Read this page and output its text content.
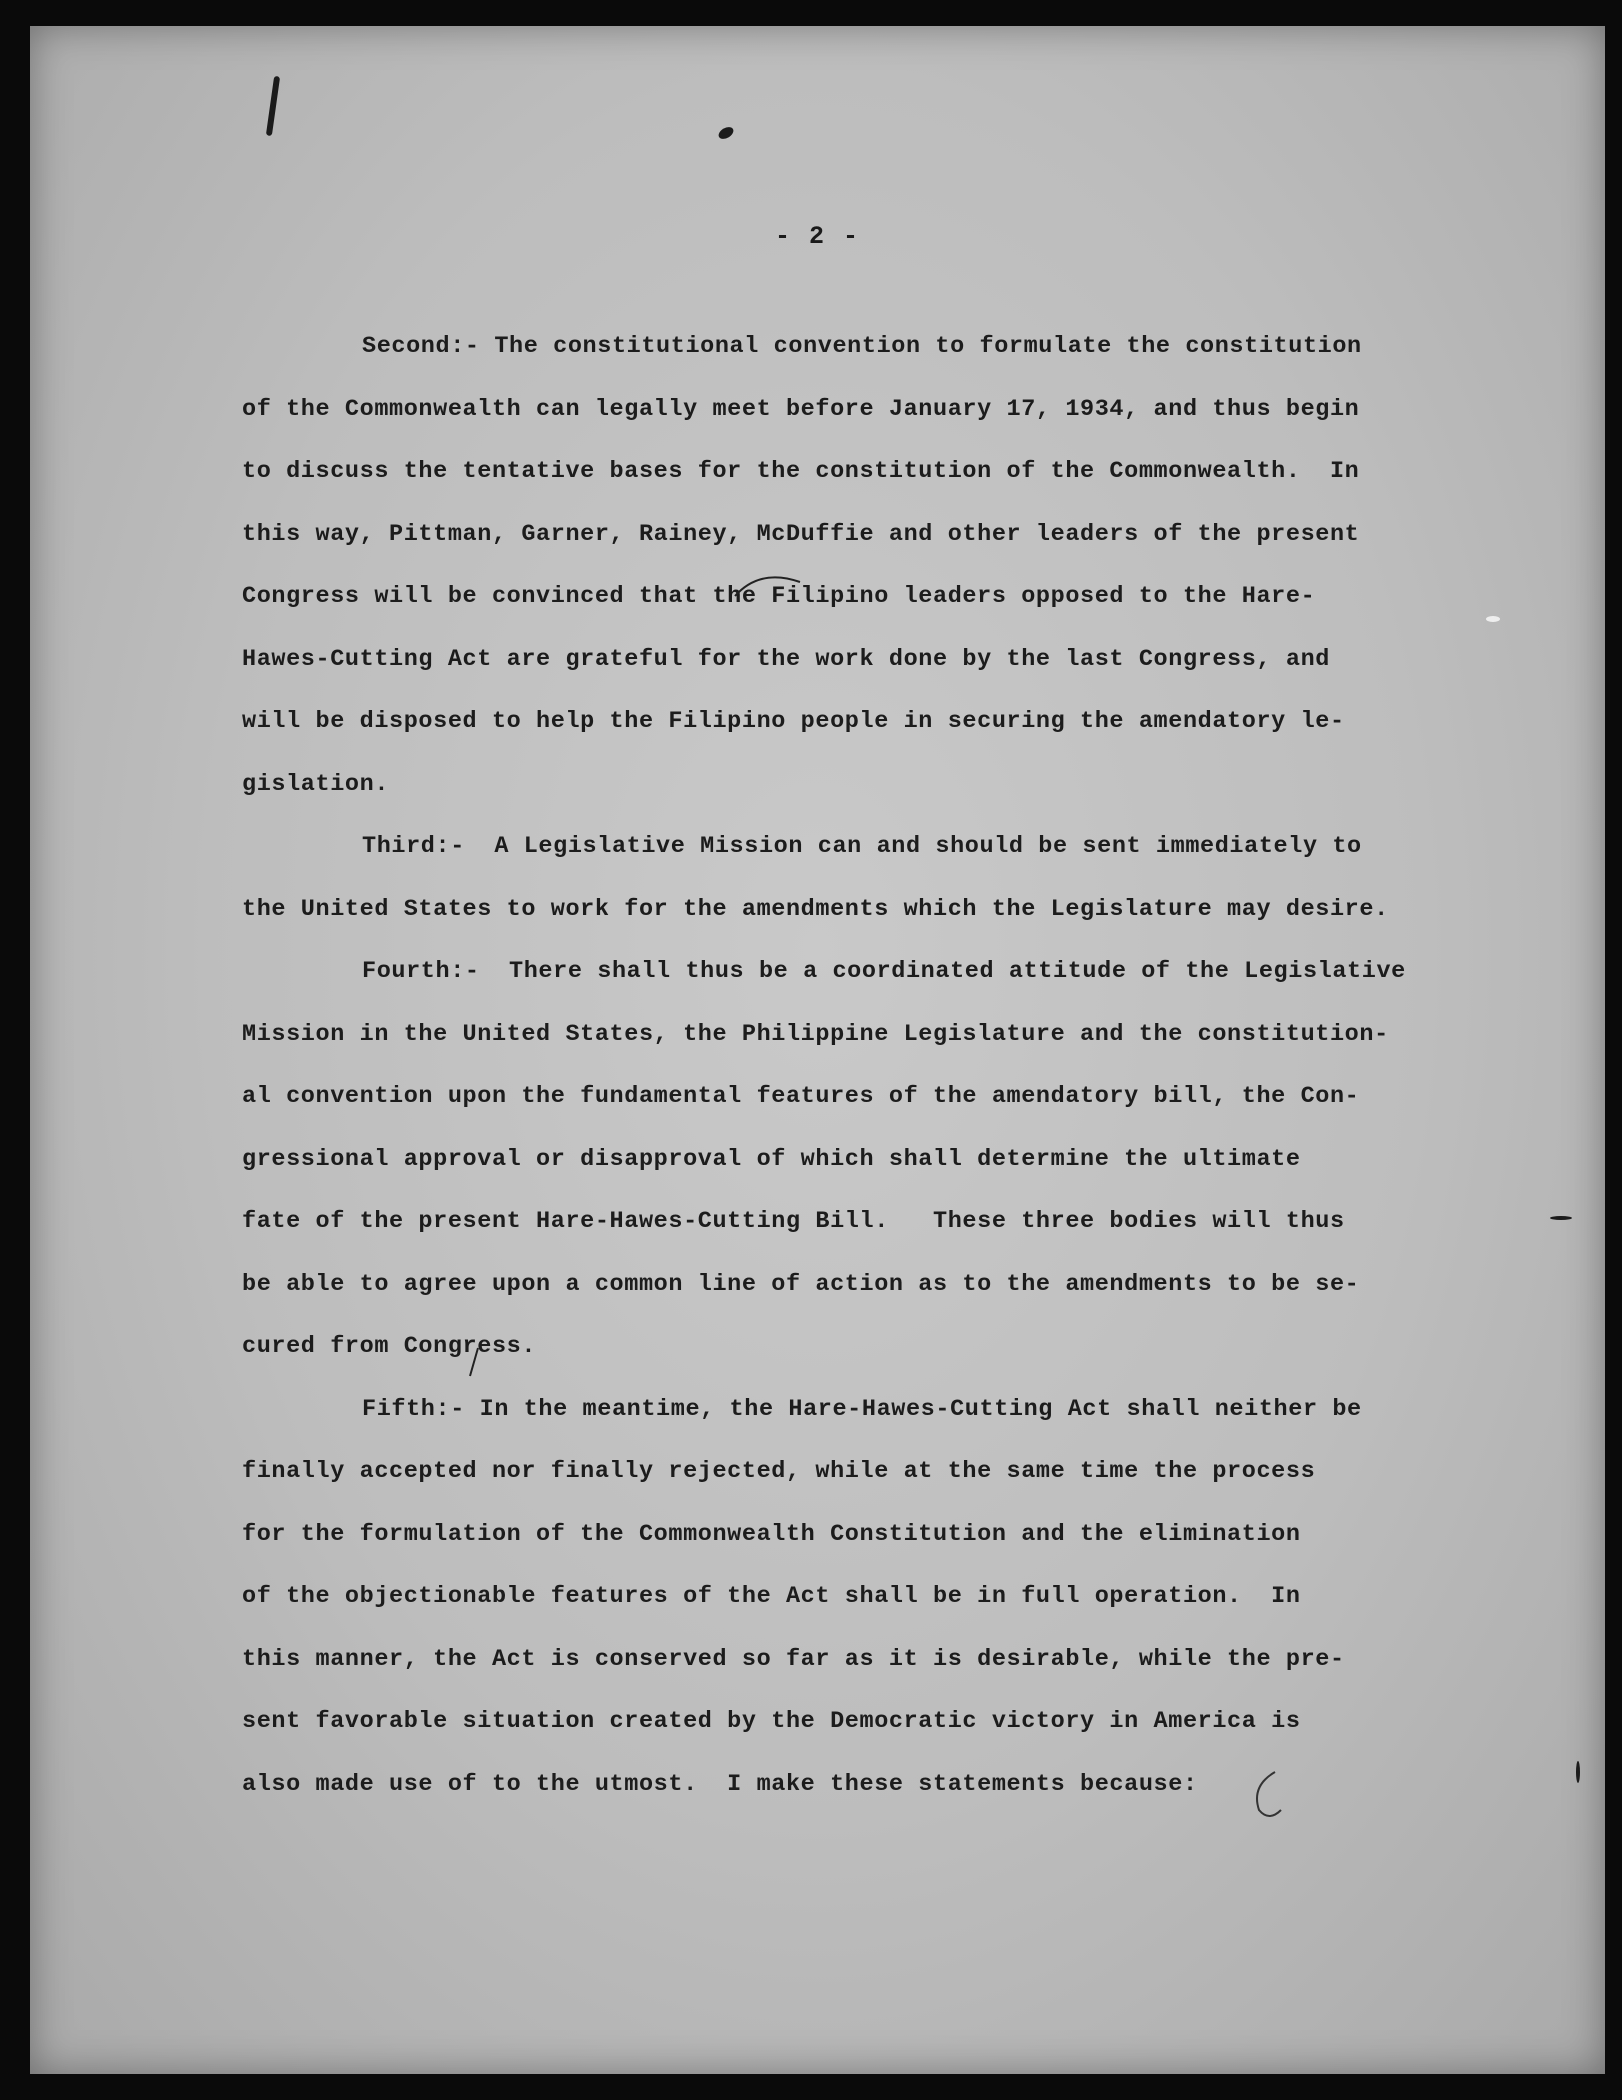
- 2 -
Second:- The constitutional convention to formulate the constitution
of the Commonwealth can legally meet before January 17, 1934, and thus begin
to discuss the tentative bases for the constitution of the Commonwealth.  In
this way, Pittman, Garner, Rainey, McDuffie and other leaders of the present
Congress will be convinced that the Filipino leaders opposed to the Hare-
Hawes-Cutting Act are grateful for the work done by the last Congress, and
will be disposed to help the Filipino people in securing the amendatory le-
gislation.
Third:-  A Legislative Mission can and should be sent immediately to
the United States to work for the amendments which the Legislature may desire.
Fourth:-  There shall thus be a coordinated attitude of the Legislative
Mission in the United States, the Philippine Legislature and the constitution-
al convention upon the fundamental features of the amendatory bill, the Con-
gressional approval or disapproval of which shall determine the ultimate
fate of the present Hare-Hawes-Cutting Bill.   These three bodies will thus
be able to agree upon a common line of action as to the amendments to be se-
cured from Congress.
Fifth:- In the meantime, the Hare-Hawes-Cutting Act shall neither be
finally accepted nor finally rejected, while at the same time the process
for the formulation of the Commonwealth Constitution and the elimination
of the objectionable features of the Act shall be in full operation.  In
this manner, the Act is conserved so far as it is desirable, while the pre-
sent favorable situation created by the Democratic victory in America is
also made use of to the utmost.  I make these statements because:
